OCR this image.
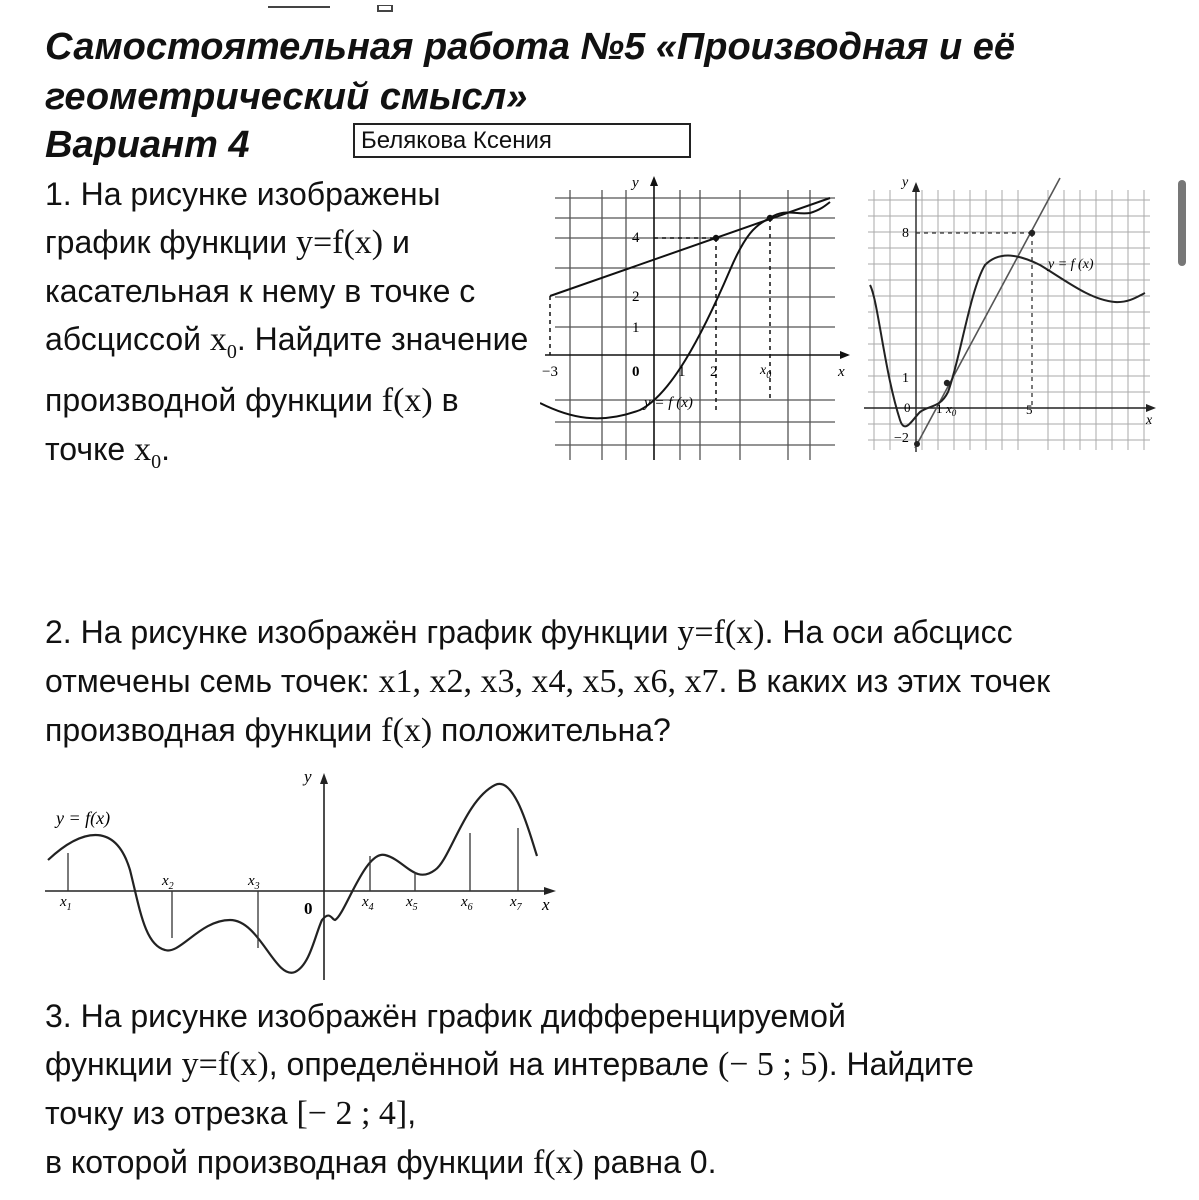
Самостоятельная работа №5 «Производная и её геометрический смысл»
Вариант 4	Белякова Ксения
1. На рисунке изображены график функции y=f(x) и касательная к нему в точке с абсциссой $x_0$. Найдите значение производной функции f(x) в точке $x_0$.
y
x
−3	0	1 2	$x_0$
1
2
4
y = f (x)
y
x
8
1
−2
0 1 $x_0$	5
y = f (x)
2. На рисунке изображён график функции y=f(x). На оси абсцисс отмечены семь точек: x1, x2, x3, x4, x5, x6, x7. В каких из этих точек производная функции f(x) положительна?
y
x
0
y = f(x)
$x_1$
$x_2$	$x_3$
$x_4$ $x_5$	$x_6$ $x_7$
3. На рисунке изображён график дифференцируемой
функции y=f(x), определённой на интервале (− 5 ; 5). Найдите
точку из отрезка [− 2 ; 4],
в которой производная функции f(x) равна 0.
